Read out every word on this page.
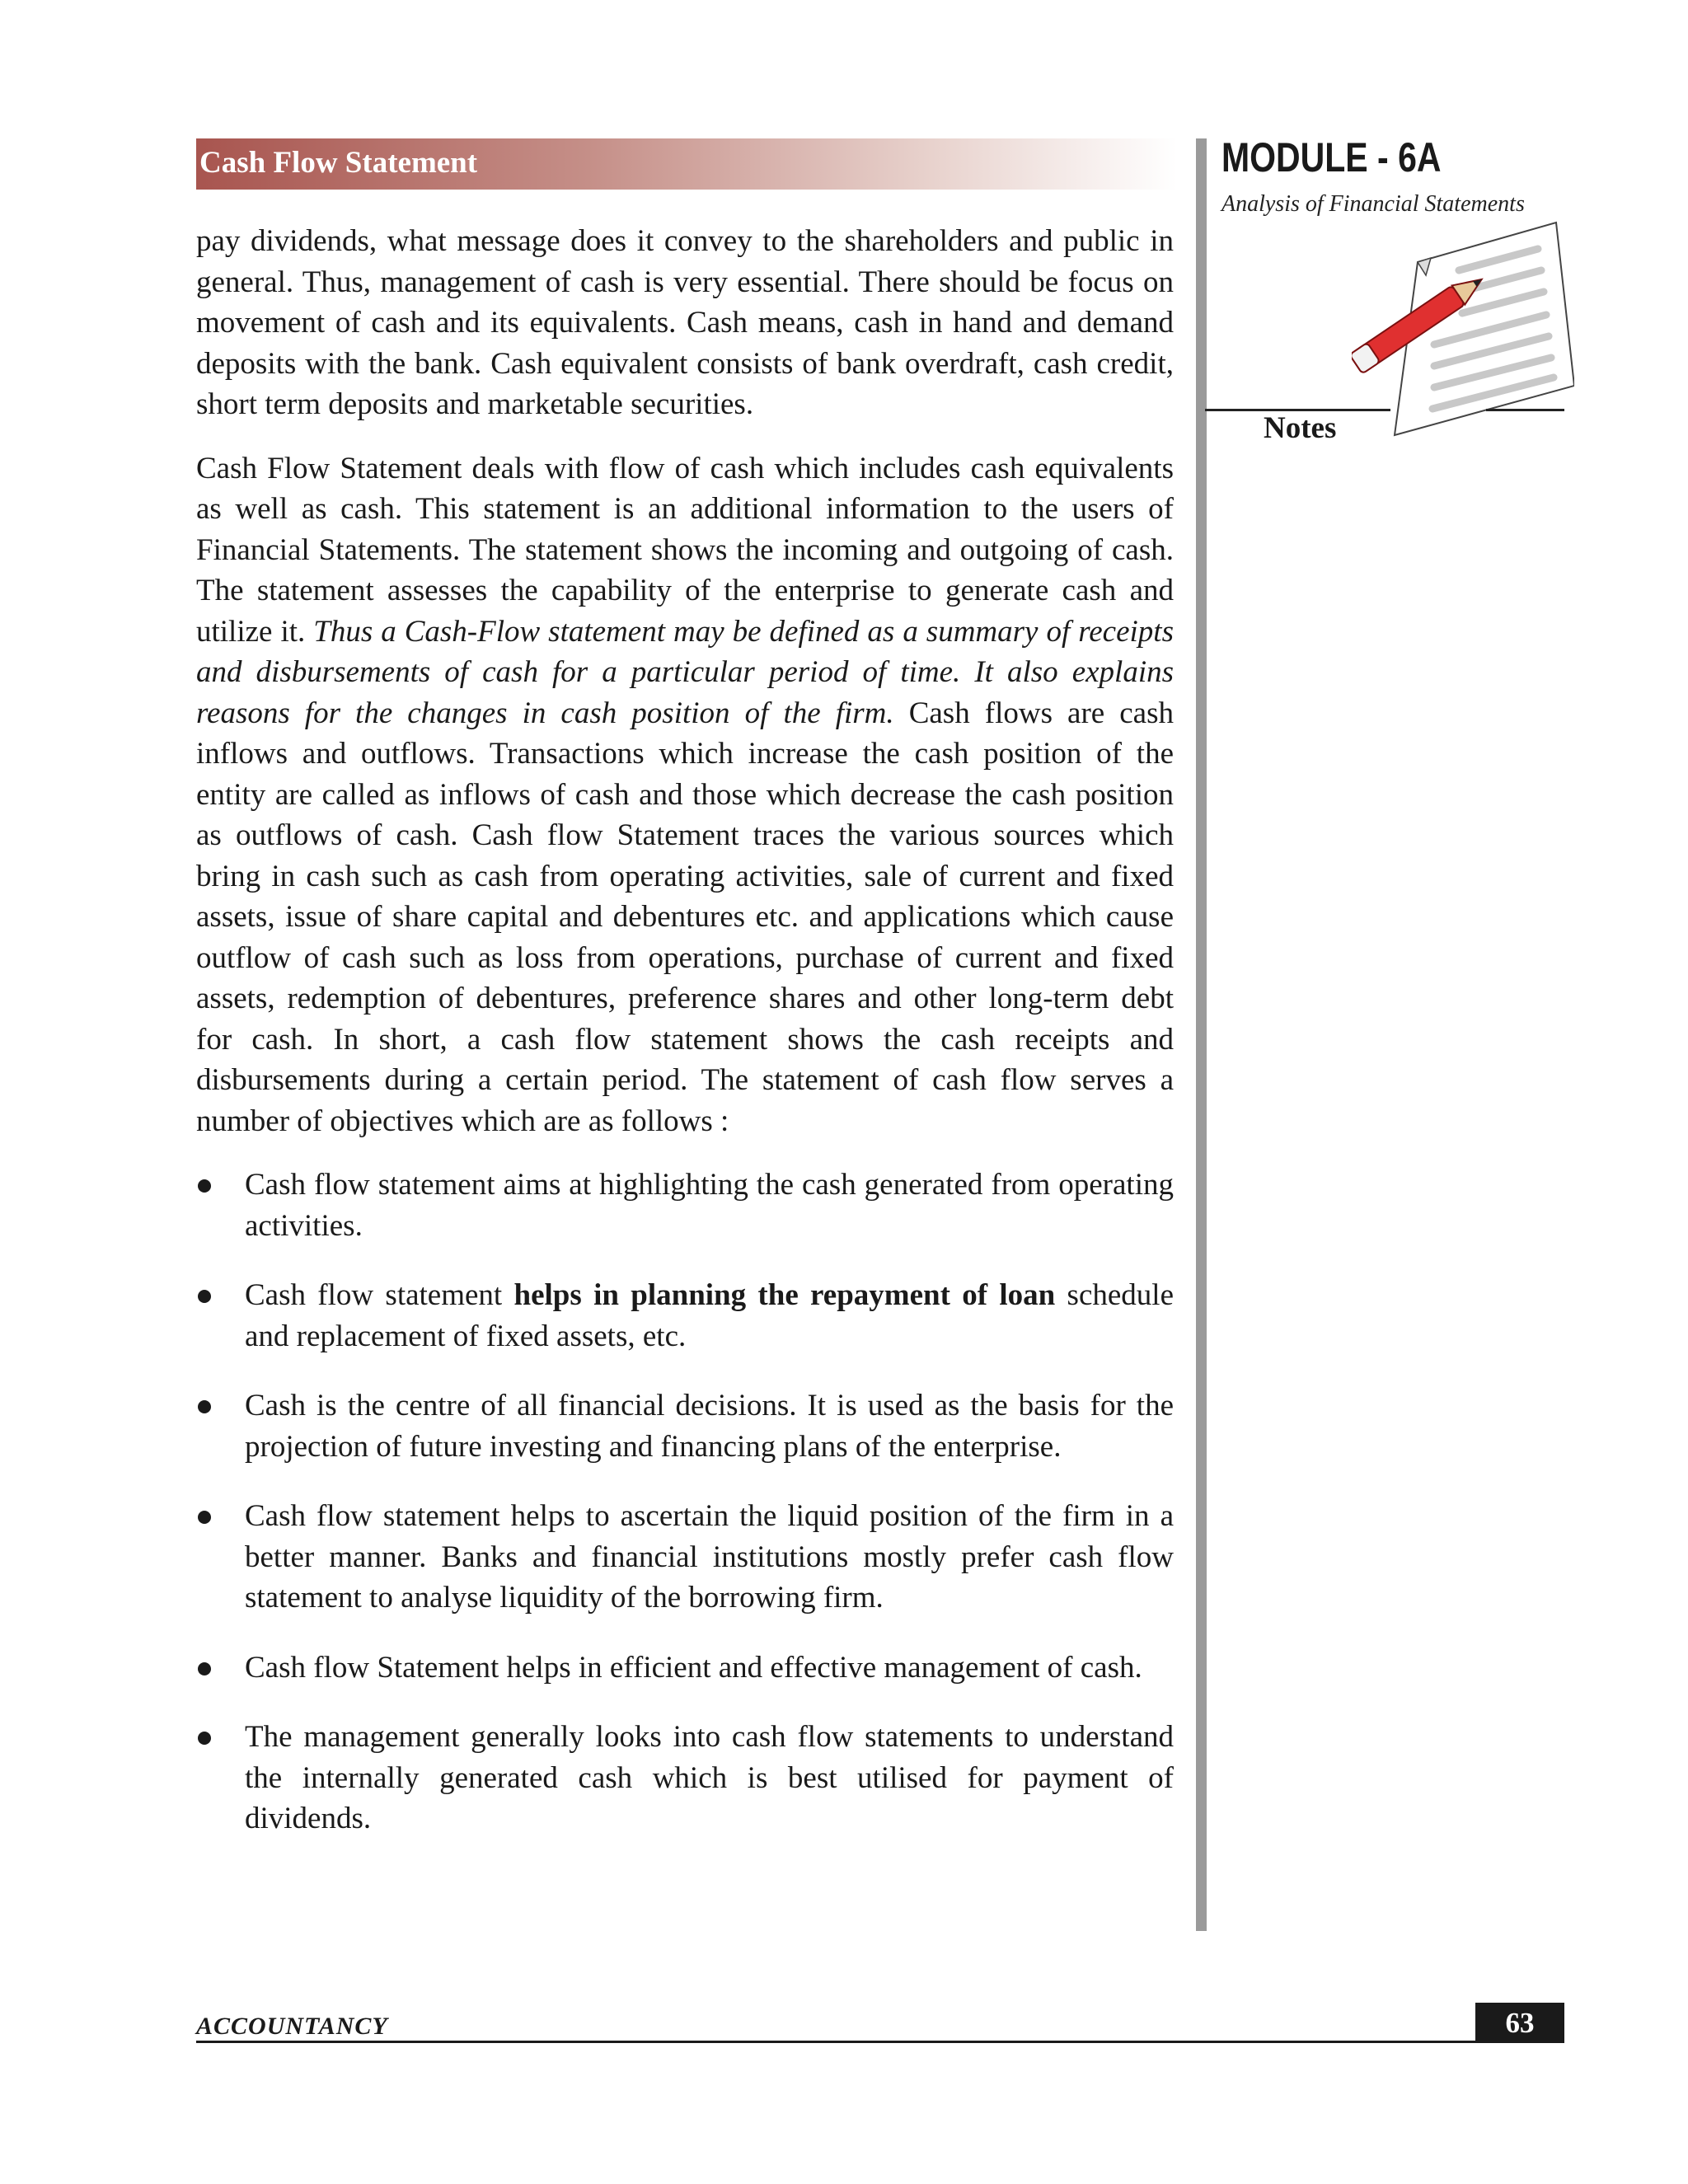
Cash Flow Statement	MODULE - 6A
Analysis of Financial Statements
Notes

pay dividends, what message does it convey to the shareholders and public in general. Thus, management of cash is very essential. There should be focus on movement of cash and its equivalents. Cash means, cash in hand and demand deposits with the bank. Cash equivalent consists of bank overdraft, cash credit, short term deposits and marketable securities.

Cash Flow Statement deals with flow of cash which includes cash equivalents as well as cash. This statement is an additional information to the users of Financial Statements. The statement shows the incoming and outgoing of cash. The statement assesses the capability of the enterprise to generate cash and utilize it. Thus a Cash-Flow statement may be defined as a summary of receipts and disbursements of cash for a particular period of time. It also explains reasons for the changes in cash position of the firm. Cash flows are cash inflows and outflows. Transactions which increase the cash position of the entity are called as inflows of cash and those which decrease the cash position as outflows of cash. Cash flow Statement traces the various sources which bring in cash such as cash from operating activities, sale of current and fixed assets, issue of share capital and debentures etc. and applications which cause outflow of cash such as loss from operations, purchase of current and fixed assets, redemption of debentures, preference shares and other long-term debt for cash. In short, a cash flow statement shows the cash receipts and disbursements during a certain period. The statement of cash flow serves a number of objectives which are as follows :

Cash flow statement aims at highlighting the cash generated from operating activities.
Cash flow statement helps in planning the repayment of loan schedule and replacement of fixed assets, etc.
Cash is the centre of all financial decisions. It is used as the basis for the projection of future investing and financing plans of the enterprise.
Cash flow statement helps to ascertain the liquid position of the firm in a better manner. Banks and financial institutions mostly prefer cash flow statement to analyse liquidity of the borrowing firm.
Cash flow Statement helps in efficient and effective management of cash.
The management generally looks into cash flow statements to understand the internally generated cash which is best utilised for payment of dividends.
ACCOUNTANCY	63
